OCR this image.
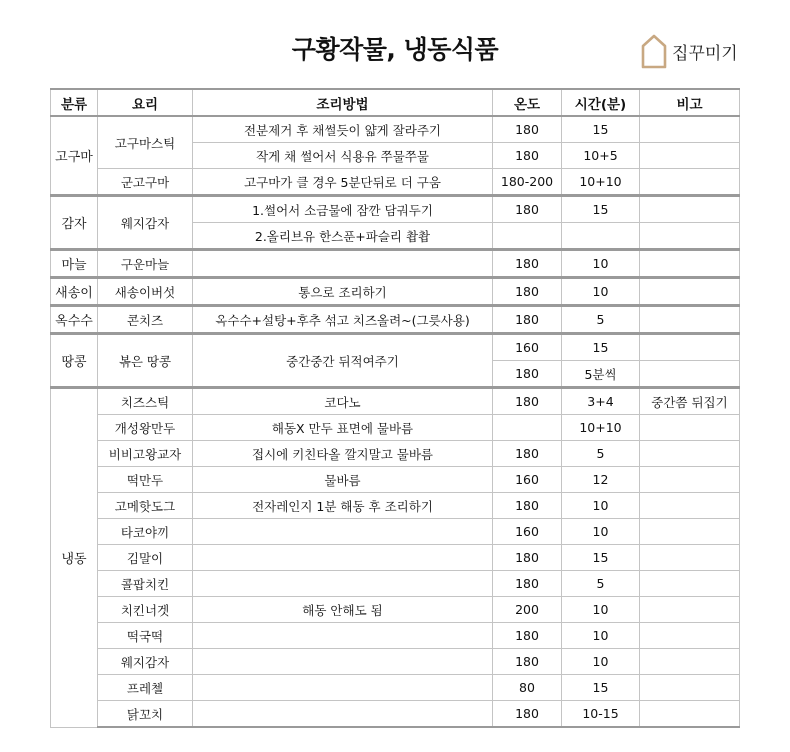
구황작물, 냉동식품	집꾸미기
분류	요리	조리방법	온도	시간(분)	비고
고구마	고구마스틱	전분제거 후 채썰듯이 얇게 잘라주기	180	15	
		작게 채 썰어서 식용유 쭈물쭈물	180	10+5	
	군고구마	고구마가 클 경우 5분단뒤로 더 구움	180-200	10+10	
감자	웨지감자	1.썰어서 소금물에 잠깐 담궈두기	180	15	
		2.올리브유 한스푼+파슬리 촵촵			
마늘	구운마늘		180	10	
새송이	새송이버섯	통으로 조리하기	180	10	
옥수수	콘치즈	옥수수+설탕+후추 섞고 치즈올려~(그릇사용)	180	5	
땅콩	볶은 땅콩	중간중간 뒤적여주기	160	15	
			180	5분씩	
냉동	치즈스틱	코다노	180	3+4	중간쯤 뒤집기
	개성왕만두	해동X 만두 표면에 물바름		10+10	
	비비고왕교자	접시에 키친타올 깔지말고 물바름	180	5	
	떡만두	물바름	160	12	
	고메핫도그	전자레인지 1분 해동 후 조리하기	180	10	
	타코야끼		160	10	
	김말이		180	15	
	콜팝치킨		180	5	
	치킨너겟	해동 안해도 됨	200	10	
	떡국떡		180	10	
	웨지감자		180	10	
	프레첼		80	15	
	닭꼬치		180	10-15	
